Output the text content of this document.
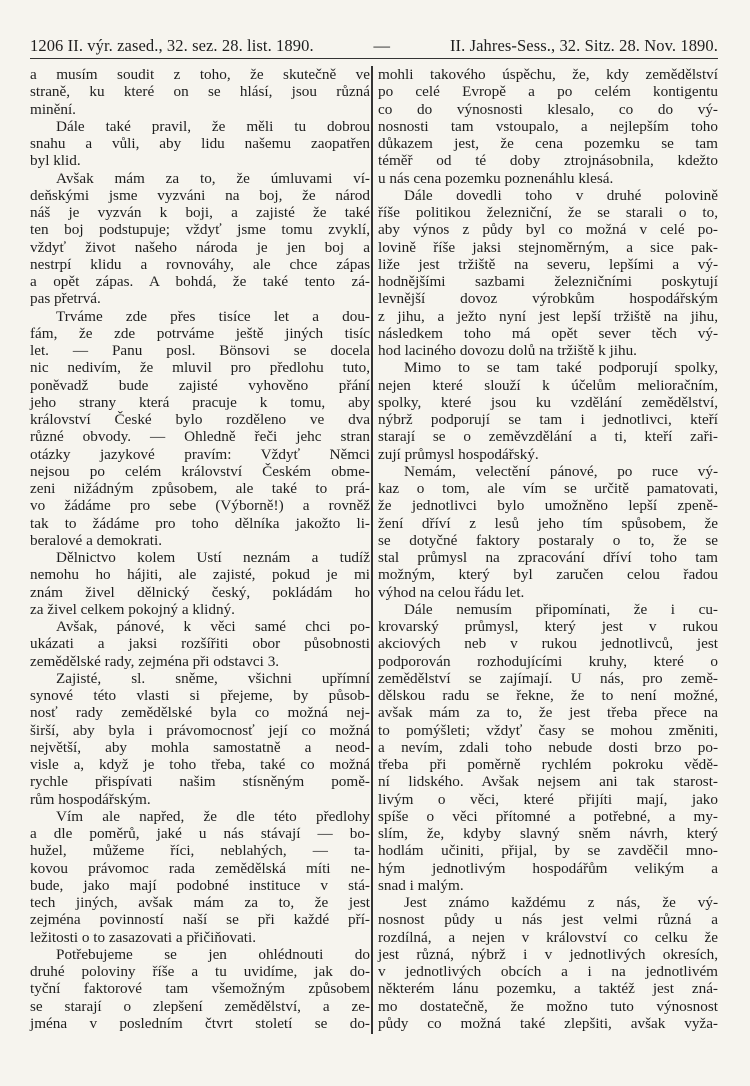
1206 II. výr. zased., 32. sez. 28. list. 1890.	—	II. Jahres-Sess., 32. Sitz. 28. Nov. 1890.
a musím soudit z toho, že skutečně ve
straně, ku které on se hlásí, jsou různá
minění.
Dále také pravil, že měli tu dobrou
snahu a vůli, aby lidu našemu zaopatřen
byl klid.
Avšak mám za to, že úmluvami ví-
deňskými jsme vyzváni na boj, že národ
náš je vyzván k boji, a zajisté že také
ten boj podstupuje; vždyť jsme tomu zvyklí,
vždyť život našeho národa je jen boj a
nestrpí klidu a rovnováhy, ale chce zápas
a opět zápas. A bohdá, že také tento zá-
pas přetrvá.
Trváme zde přes tisíce let a dou-
fám, že zde potrváme ještě jiných tisíc
let. — Panu posl. Bönsovi se docela
nic nedivím, že mluvil pro předlohu tuto,
poněvadž bude zajisté vyhověno přání
jeho strany která pracuje k tomu, aby
království České bylo rozděleno ve dva
různé obvody. — Ohledně řeči jehc stran
otázky jazykové pravím: Vždyť Němci
nejsou po celém království Českém obme-
zeni nižádným způsobem, ale také to prá-
vo žádáme pro sebe (Výborně!) a rovněž
tak to žádáme pro toho dělníka jakožto li-
beralové a demokrati.
Dělnictvo kolem Ustí neznám a tudíž
nemohu ho hájiti, ale zajisté, pokud je mi
znám živel dělnický český, pokládám ho
za živel celkem pokojný a klidný.
Avšak, pánové, k věci samé chci po-
ukázati a jaksi rozšířiti obor působnosti
zemědělské rady, zejména při odstavci 3.
Zajisté, sl. sněme, všichni upřímní
synové této vlasti si přejeme, by působ-
nosť rady zemědělské byla co možná nej-
širší, aby byla i právomocnosť její co možná
největší, aby mohla samostatně a neod-
visle a, když je toho třeba, také co možná
rychle přispívati našim stísněným pomě-
rům hospodářským.
Vím ale napřed, že dle této předlohy
a dle poměrů, jaké u nás stávají — bo-
hužel, můžeme říci, neblahých, — ta-
kovou právomoc rada zemědělská míti ne-
bude, jako mají podobné instituce v stá-
tech jiných, avšak mám za to, že jest
zejména povinností naší se při každé pří-
ležitosti o to zasazovati a přičiňovati.
Potřebujeme se jen ohlédnouti do
druhé poloviny říše a tu uvidíme, jak do-
tyční faktorové tam všemožným způsobem
se starají o zlepšení zemědělství, a ze-
jména v posledním čtvrt století se do-
mohli takového úspěchu, že, kdy zemědělství
po celé Evropě a po celém kontigentu
co do výnosnosti klesalo, co do vý-
nosnosti tam vstoupalo, a nejlepším toho
důkazem jest, že cena pozemku se tam
téměř od té doby ztrojnásobnila, kdežto
u nás cena pozemku poznenáhlu klesá.
Dále dovedli toho v druhé polovině
říše politikou železniční, že se starali o to,
aby výnos z půdy byl co možná v celé po-
lovině říše jaksi stejnoměrným, a sice pak-
liže jest tržiště na severu, lepšími a vý-
hodnějšími sazbami železničními poskytují
levnější dovoz výrobkům hospodářským
z jihu, a ježto nyní jest lepší tržiště na jihu,
následkem toho má opět sever těch vý-
hod laciného dovozu dolů na tržiště k jihu.
Mimo to se tam také podporují spolky,
nejen které slouží k účelům melioračním,
spolky, které jsou ku vzdělání zemědělství,
nýbrž podporují se tam i jednotlivci, kteří
starají se o zeměvzdělání a ti, kteří zaři-
zují průmysl hospodářský.
Nemám, velectění pánové, po ruce vý-
kaz o tom, ale vím se určitě pamatovati,
že jednotlivci bylo umožněno lepší zpeně-
žení dříví z lesů jeho tím spůsobem, že
se dotyčné faktory postaraly o to, že se
stal průmysl na zpracování dříví toho tam
možným, který byl zaručen celou řadou
výhod na celou řádu let.
Dále nemusím připomínati, že i cu-
krovarský průmysl, který jest v rukou
akciových neb v rukou jednotlivců, jest
podporován rozhodujícími kruhy, které o
zemědělství se zajímají. U nás, pro země-
dělskou radu se řekne, že to není možné,
avšak mám za to, že jest třeba přece na
to pomýšleti; vždyť časy se mohou změniti,
a nevím, zdali toho nebude dosti brzo po-
třeba při poměrně rychlém pokroku vědě-
ní lidského. Avšak nejsem ani tak starost-
livým o věci, které přijíti mají, jako
spíše o věci přítomné a potřebné, a my-
slím, že, kdyby slavný sněm návrh, který
hodlám učiniti, přijal, by se zavděčil mno-
hým jednotlivým hospodářům velikým a
snad i malým.
Jest známo každému z nás, že vý-
nosnost půdy u nás jest velmi různá a
rozdílná, a nejen v království co celku že
jest různá, nýbrž i v jednotlivých okresích,
v jednotlivých obcích a i na jednotlivém
některém lánu pozemku, a taktéž jest zná-
mo dostatečně, že možno tuto výnosnost
půdy co možná také zlepšiti, avšak vyža-
